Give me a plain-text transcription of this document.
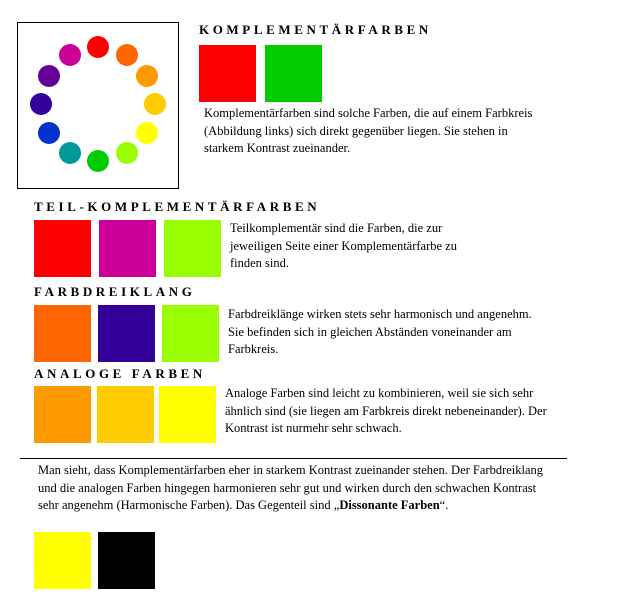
KOMPLEMENTÄRFARBEN
Komplementärfarben sind solche Farben, die auf einem Farbkreis (Abbildung links) sich direkt gegenüber liegen. Sie stehen in starkem Kontrast zueinander.
TEIL-KOMPLEMENTÄRFARBEN
Teilkomplementär sind die Farben, die zur jeweiligen Seite einer Komplementärfarbe zu finden sind.
FARBDREIKLANG
Farbdreiklänge wirken stets sehr harmonisch und angenehm. Sie befinden sich in gleichen Abständen voneinander am Farbkreis.
ANALOGE FARBEN
Analoge Farben sind leicht zu kombinieren, weil sie sich sehr ähnlich sind (sie liegen am Farbkreis direkt nebeneinander). Der Kontrast ist nurmehr sehr schwach.
Man sieht, dass Komplementärfarben eher in starkem Kontrast zueinander stehen. Der Farbdreiklang und die analogen Farben hingegen harmonieren sehr gut und wirken durch den schwachen Kontrast sehr angenehm (Harmonische Farben). Das Gegenteil sind „Dissonante Farben“.
